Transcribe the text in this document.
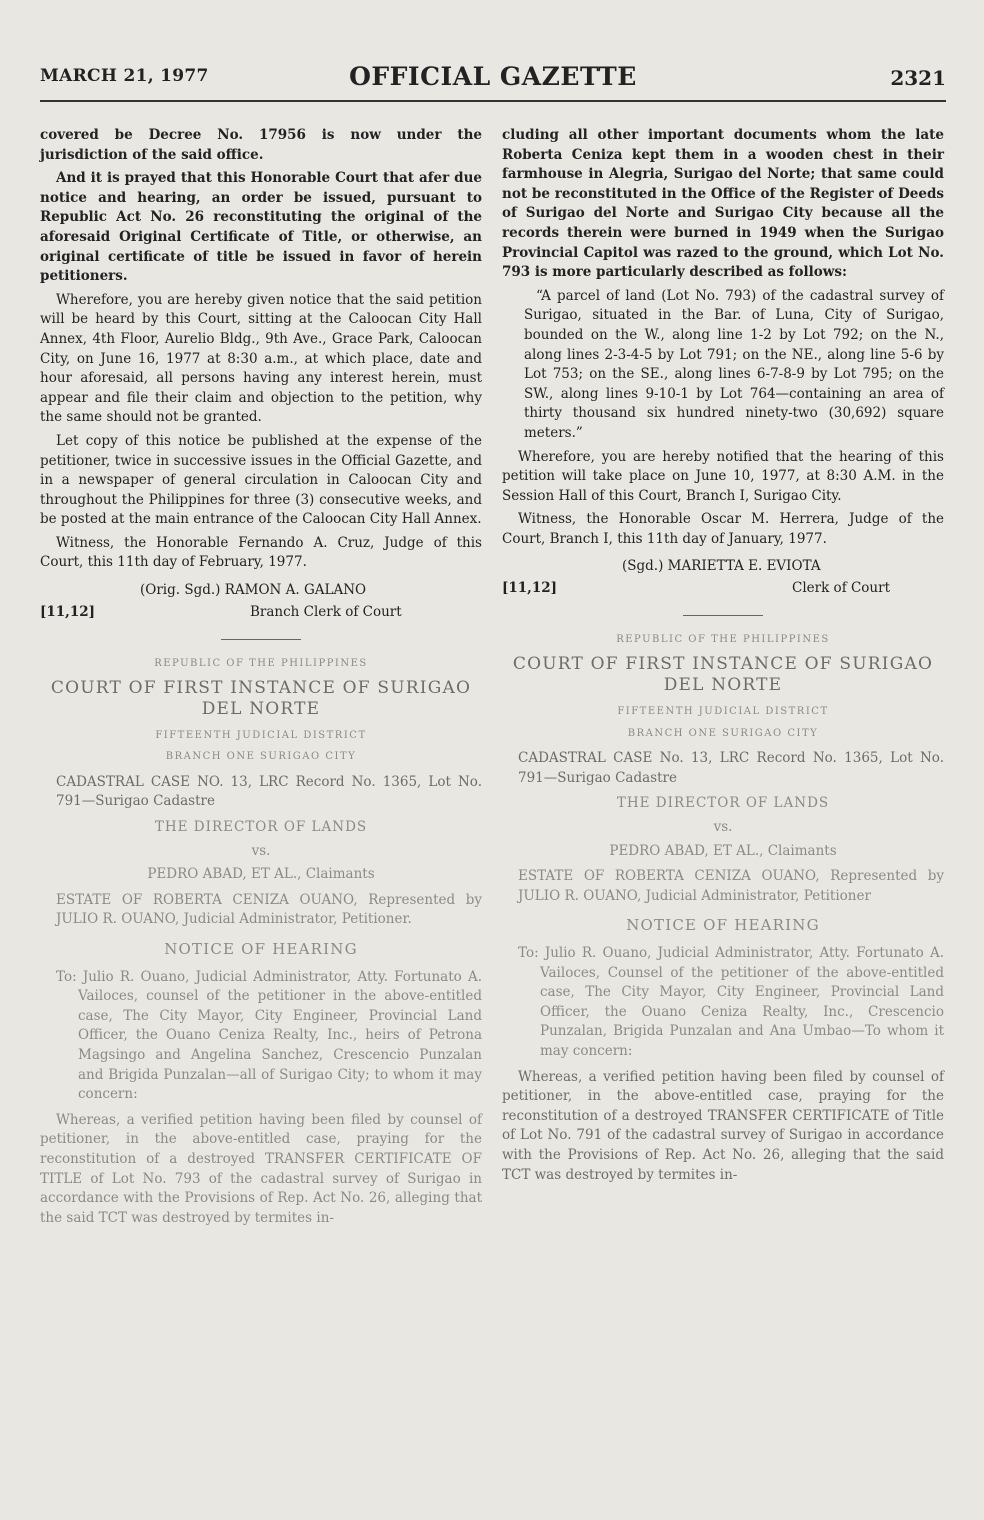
MARCH 21, 1977	OFFICIAL GAZETTE	2321

covered be Decree No. 17956 is now under the jurisdiction of the said office.

And it is prayed that this Honorable Court that afer due notice and hearing, an order be issued, pursuant to Republic Act No. 26 reconstituting the original of the aforesaid Original Certificate of Title, or otherwise, an original certificate of title be issued in favor of herein petitioners.

Wherefore, you are hereby given notice that the said petition will be heard by this Court, sitting at the Caloocan City Hall Annex, 4th Floor, Aurelio Bldg., 9th Ave., Grace Park, Caloocan City, on June 16, 1977 at 8:30 a.m., at which place, date and hour aforesaid, all persons having any interest herein, must appear and file their claim and objection to the petition, why the same should not be granted.

Let copy of this notice be published at the expense of the petitioner, twice in successive issues in the Official Gazette, and in a newspaper of general circulation in Caloocan City and throughout the Philippines for three (3) consecutive weeks, and be posted at the main entrance of the Caloocan City Hall Annex.

Witness, the Honorable Fernando A. Cruz, Judge of this Court, this 11th day of February, 1977.

(Orig. Sgd.) RAMON A. GALANO
[11,12]	Branch Clerk of Court
REPUBLIC OF THE PHILIPPINES
COURT OF FIRST INSTANCE OF SURIGAO DEL NORTE
FIFTEENTH JUDICIAL DISTRICT
BRANCH ONE SURIGAO CITY

CADASTRAL CASE NO. 13, LRC Record No. 1365, Lot No. 791—Surigao Cadastre

THE DIRECTOR OF LANDS

vs.

PEDRO ABAD, ET AL., Claimants

ESTATE OF ROBERTA CENIZA OUANO, Represented by JULIO R. OUANO, Judicial Administrator, Petitioner.

NOTICE OF HEARING

To: Julio R. Ouano, Judicial Administrator, Atty. Fortunato A. Vailoces, counsel of the petitioner in the above-entitled case, The City Mayor, City Engineer, Provincial Land Officer, the Ouano Ceniza Realty, Inc., heirs of Petrona Magsingo and Angelina Sanchez, Crescencio Punzalan and Brigida Punzalan—all of Surigao City; to whom it may concern:

Whereas, a verified petition having been filed by counsel of petitioner, in the above-entitled case, praying for the reconstitution of a destroyed TRANSFER CERTIFICATE OF TITLE of Lot No. 793 of the cadastral survey of Surigao in accordance with the Provisions of Rep. Act No. 26, alleging that the said TCT was destroyed by termites in-

cluding all other important documents whom the late Roberta Ceniza kept them in a wooden chest in their farmhouse in Alegria, Surigao del Norte; that same could not be reconstituted in the Office of the Register of Deeds of Surigao del Norte and Surigao City because all the records therein were burned in 1949 when the Surigao Provincial Capitol was razed to the ground, which Lot No. 793 is more particularly described as follows:

“A parcel of land (Lot No. 793) of the cadastral survey of Surigao, situated in the Bar. of Luna, City of Surigao, bounded on the W., along line 1-2 by Lot 792; on the N., along lines 2-3-4-5 by Lot 791; on the NE., along line 5-6 by Lot 753; on the SE., along lines 6-7-8-9 by Lot 795; on the SW., along lines 9-10-1 by Lot 764—containing an area of thirty thousand six hundred ninety-two (30,692) square meters.”

Wherefore, you are hereby notified that the hearing of this petition will take place on June 10, 1977, at 8:30 A.M. in the Session Hall of this Court, Branch I, Surigao City.

Witness, the Honorable Oscar M. Herrera, Judge of the Court, Branch I, this 11th day of January, 1977.

(Sgd.) MARIETTA E. EVIOTA
[11,12]	Clerk of Court
REPUBLIC OF THE PHILIPPINES
COURT OF FIRST INSTANCE OF SURIGAO DEL NORTE
FIFTEENTH JUDICIAL DISTRICT
BRANCH ONE SURIGAO CITY

CADASTRAL CASE No. 13, LRC Record No. 1365, Lot No. 791—Surigao Cadastre

THE DIRECTOR OF LANDS

vs.

PEDRO ABAD, ET AL., Claimants

ESTATE OF ROBERTA CENIZA OUANO, Represented by JULIO R. OUANO, Judicial Administrator, Petitioner

NOTICE OF HEARING

To: Julio R. Ouano, Judicial Administrator, Atty. Fortunato A. Vailoces, Counsel of the petitioner of the above-entitled case, The City Mayor, City Engineer, Provincial Land Officer, the Ouano Ceniza Realty, Inc., Crescencio Punzalan, Brigida Punzalan and Ana Umbao—To whom it may concern:

Whereas, a verified petition having been filed by counsel of petitioner, in the above-entitled case, praying for the reconstitution of a destroyed TRANSFER CERTIFICATE of Title of Lot No. 791 of the cadastral survey of Surigao in accordance with the Provisions of Rep. Act No. 26, alleging that the said TCT was destroyed by termites in-
